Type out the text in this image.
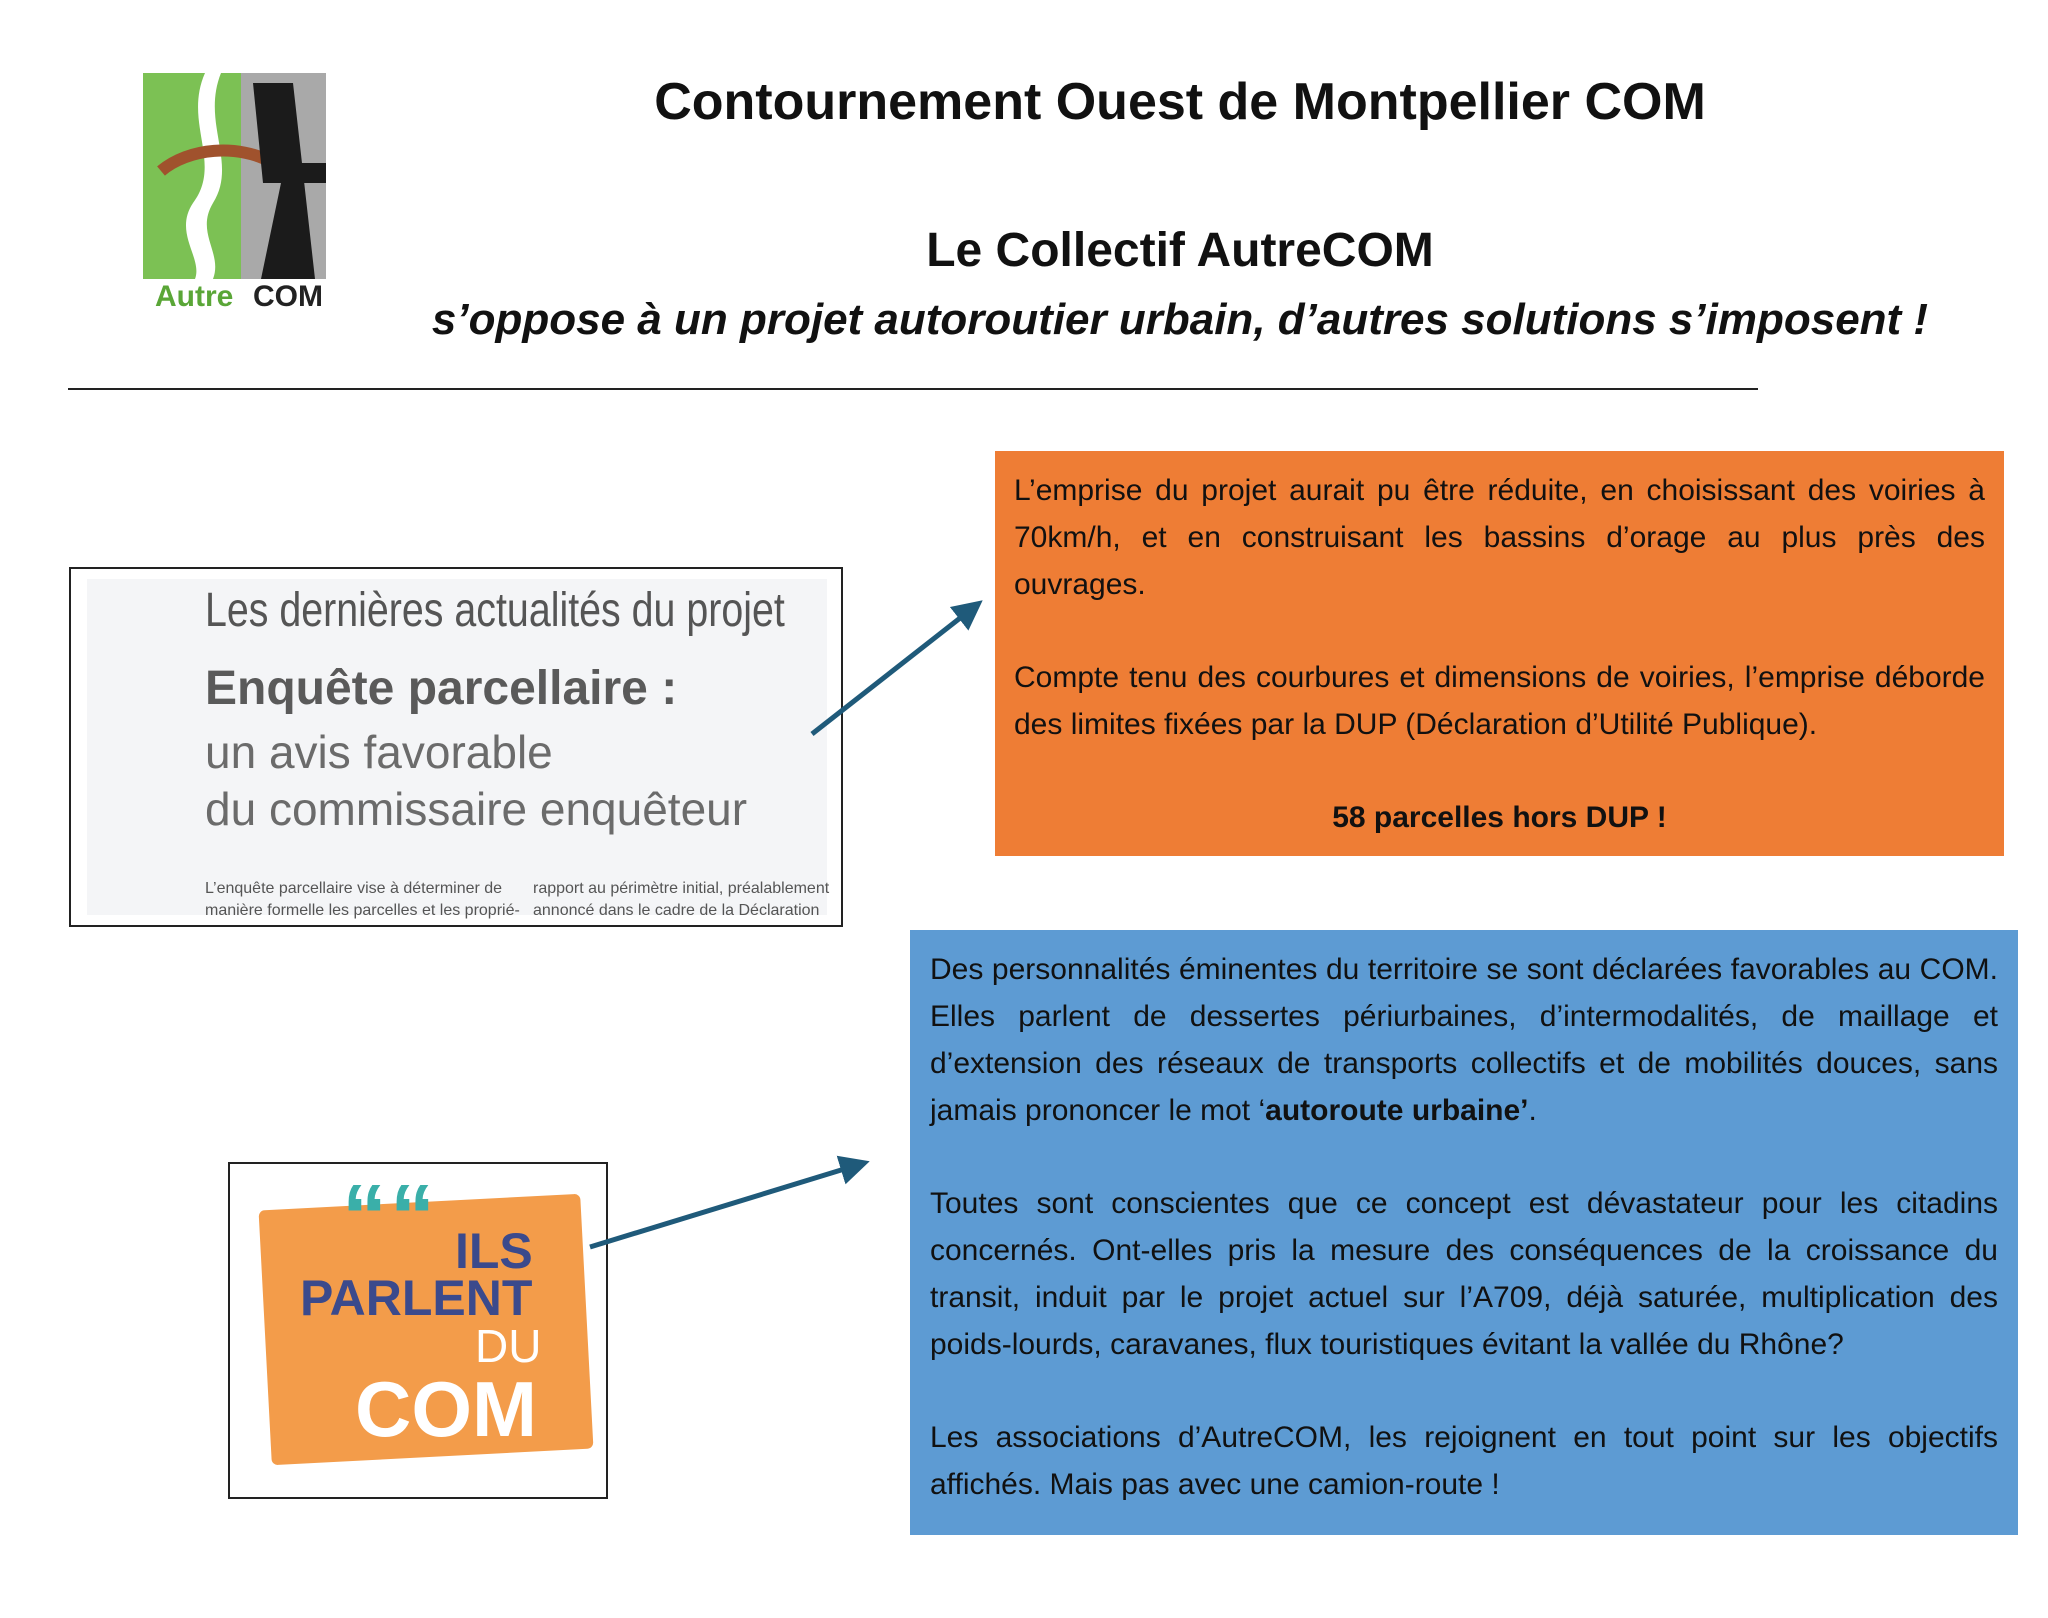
Autre COM
Contournement Ouest de Montpellier COM
Le Collectif AutreCOM
s’oppose à un projet autoroutier urbain, d’autres solutions s’imposent !
Les dernières actualités du projet
Enquête parcellaire :
un avis favorable
du commissaire enquêteur
L’enquête parcellaire vise à déterminer de
manière formelle les parcelles et les proprié-
rapport au périmètre initial, préalablement
annoncé dans le cadre de la Déclaration
“ “ ILS
PARLENT
DU
COM

L’emprise du projet aurait pu être réduite, en choisissant des voiries à 70km/h, et en construisant les bassins d’orage au plus près des ouvrages.

Compte tenu des courbures et dimensions de voiries, l’emprise déborde des limites fixées par la DUP (Déclaration d’Utilité Publique).

58 parcelles hors DUP !

Des personnalités éminentes du territoire se sont déclarées favorables au COM. Elles parlent de dessertes périurbaines, d’intermodalités, de maillage et d’extension des réseaux de transports collectifs et de mobilités douces, sans jamais prononcer le mot ‘autoroute urbaine’.

Toutes sont conscientes que ce concept est dévastateur pour les citadins concernés. Ont-elles pris la mesure des conséquences de la croissance du transit, induit par le projet actuel sur l’A709, déjà saturée, multiplication des poids-lourds, caravanes, flux touristiques évitant la vallée du Rhône?

Les associations d’AutreCOM, les rejoignent en tout point sur les objectifs affichés. Mais pas avec une camion-route !
